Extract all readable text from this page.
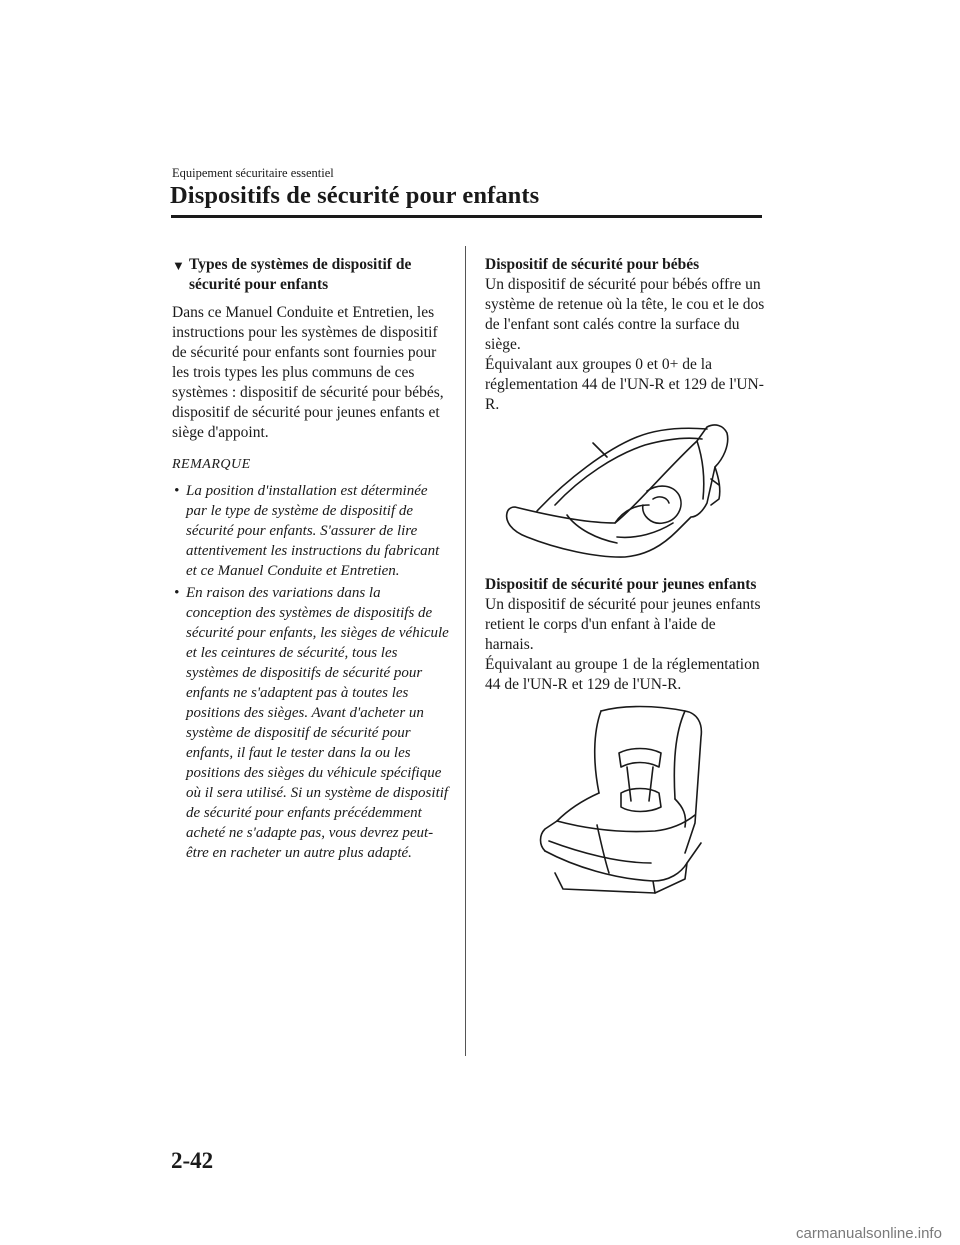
Equipement sécuritaire essentiel
Dispositifs de sécurité pour enfants
▼ Types de systèmes de dispositif de sécurité pour enfants

Dans ce Manuel Conduite et Entretien, les instructions pour les systèmes de dispositif de sécurité pour enfants sont fournies pour les trois types les plus communs de ces systèmes : dispositif de sécurité pour bébés, dispositif de sécurité pour jeunes enfants et siège d'appoint.

REMARQUE

• La position d'installation est déterminée par le type de système de dispositif de sécurité pour enfants. S'assurer de lire attentivement les instructions du fabricant et ce Manuel Conduite et Entretien.
• En raison des variations dans la conception des systèmes de dispositifs de sécurité pour enfants, les sièges de véhicule et les ceintures de sécurité, tous les systèmes de dispositifs de sécurité pour enfants ne s'adaptent pas à toutes les positions des sièges. Avant d'acheter un système de dispositif de sécurité pour enfants, il faut le tester dans la ou les positions des sièges du véhicule spécifique où il sera utilisé. Si un système de dispositif de sécurité pour enfants précédemment acheté ne s'adapte pas, vous devrez peut-être en racheter un autre plus adapté.
Dispositif de sécurité pour bébés
Un dispositif de sécurité pour bébés offre un système de retenue où la tête, le cou et le dos de l'enfant sont calés contre la surface du siège.
Équivalant aux groupes 0 et 0+ de la réglementation 44 de l'UN-R et 129 de l'UN-R.
Dispositif de sécurité pour jeunes enfants
Un dispositif de sécurité pour jeunes enfants retient le corps d'un enfant à l'aide de harnais.
Équivalant au groupe 1 de la réglementation 44 de l'UN-R et 129 de l'UN-R.
2-42
carmanualsonline.info
